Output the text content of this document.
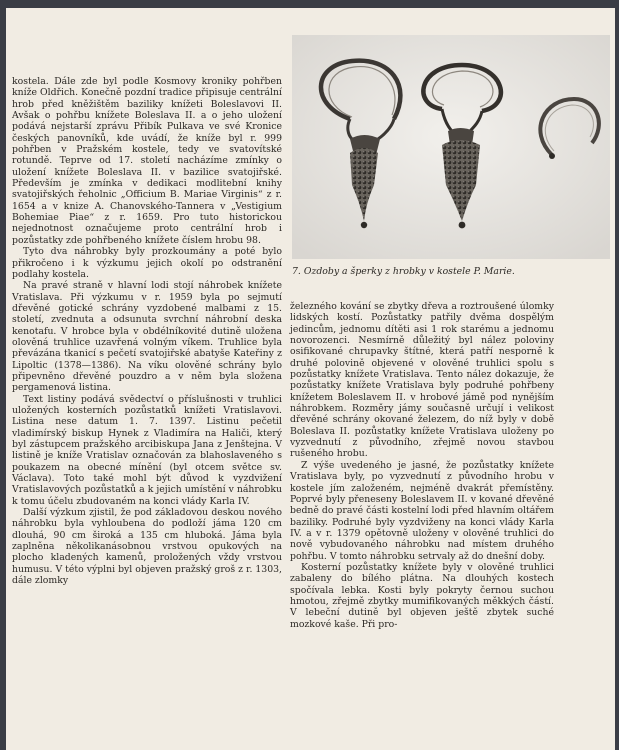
kostela. Dále zde byl podle Kosmovy kroniky pohřben kníže Oldřich. Konečně pozdní tradice připisuje centrální hrob před kněžištěm baziliky knížeti Boleslavovi II. Avšak o pohřbu knížete Boleslava II. a o jeho uložení podává nejstarší zprávu Přibík Pulkava ve své Kronice českých panovníků, kde uvádí, že kníže byl r. 999 pohřben v Pražském kostele, tedy ve svatovítské rotundě. Teprve od 17. století nacházíme zmínky o uložení knížete Boleslava II. v bazilice svatojiřské. Především je zmínka v dedikaci modlitební knihy svatojiřských řeholnic „Officium B. Mariae Virginis“ z r. 1654 a v knize A. Chanovského-Tannera v „Vestigium Bohemiae Piae“ z r. 1659. Pro tuto historickou nejednotnost označujeme proto centrální hrob i pozůstatky zde pohřbeného knížete číslem hrobu 98.

Tyto dva náhrobky byly prozkoumány a poté bylo přikročeno i k výzkumu jejich okolí po odstranění podlahy kostela.

Na pravé straně v hlavní lodi stojí náhrobek knížete Vratislava. Při výzkumu v r. 1959 byla po sejmutí dřevěné gotické schrány vyzdobené malbami z 15. století, zvednuta a odsunuta svrchní náhrobní deska kenotafu. V hrobce byla v obdélníkovité dutině uložena olověná truhlice uzavřená volným víkem. Truhlice byla převázána tkanicí s pečetí svatojiřské abatyše Kateřiny z Lipoltic (1378—1386). Na víku olověné schrány bylo připevněno dřevěné pouzdro a v něm byla složena pergamenová listina.

Text listiny podává svědectví o příslušnosti v truhlici uložených kosterních pozůstatků knížeti Vratislavovi. Listina nese datum 1. 7. 1397. Listinu pečetil vladimírský biskup Hynek z Vladimíra na Haliči, který byl zástupcem pražského arcibiskupa Jana z Jenštejna. V listině je kníže Vratislav označován za blahoslaveného s poukazem na obecné mínění (byl otcem světce sv. Václava). Toto také mohl být důvod k vyzdvižení Vratislavových pozůstatků a k jejich umístění v náhrobku k tomu účelu zbudovaném na konci vlády Karla IV.

Další výzkum zjistil, že pod základovou deskou nového náhrobku byla vyhloubena do podloží jáma 120 cm dlouhá, 90 cm široká a 135 cm hluboká. Jáma byla zaplněna několikanásobnou vrstvou opukových na plocho kladených kamenů, proložených vždy vrstvou humusu. V této výplni byl objeven pražský groš z r. 1303, dále zlomky

7. Ozdoby a šperky z hrobky v kostele P. Marie.

železného kování se zbytky dřeva a roztroušené úlomky lidských kostí. Pozůstatky patřily dvěma dospělým jedincům, jednomu dítěti asi 1 rok starému a jednomu novorozenci. Nesmírně důležitý byl nález poloviny osifikované chrupavky štítné, která patří nesporně k druhé polovině objevené v olověné truhlici spolu s pozůstatky knížete Vratislava. Tento nález dokazuje, že pozůstatky knížete Vratislava byly podruhé pohřbeny knížetem Boleslavem II. v hrobové jámě pod nynějším náhrobkem. Rozměry jámy současně určují i velikost dřevěné schrány okované železem, do níž byly v době Boleslava II. pozůstatky knížete Vratislava uloženy po vyzvednutí z původního, zřejmě novou stavbou rušeného hrobu.

Z výše uvedeného je jasné, že pozůstatky knížete Vratislava byly, po vyzvednutí z původního hrobu v kostele jím založeném, nejméně dvakrát přemístěny. Poprvé byly přeneseny Boleslavem II. v kované dřevěné bedně do pravé části kostelní lodi před hlavním oltářem baziliky. Podruhé byly vyzdviženy na konci vlády Karla IV. a v r. 1379 opětovně uloženy v olověné truhlici do nově vybudovaného náhrobku nad místem druhého pohřbu. V tomto náhrobku setrvaly až do dnešní doby.

Kosterní pozůstatky knížete byly v olověné truhlici zabaleny do bílého plátna. Na dlouhých kostech spočívala lebka. Kosti byly pokryty černou suchou hmotou, zřejmě zbytky mumifikovaných měkkých částí. V lebeční dutině byl objeven ještě zbytek suché mozkové kaše. Při pro-
